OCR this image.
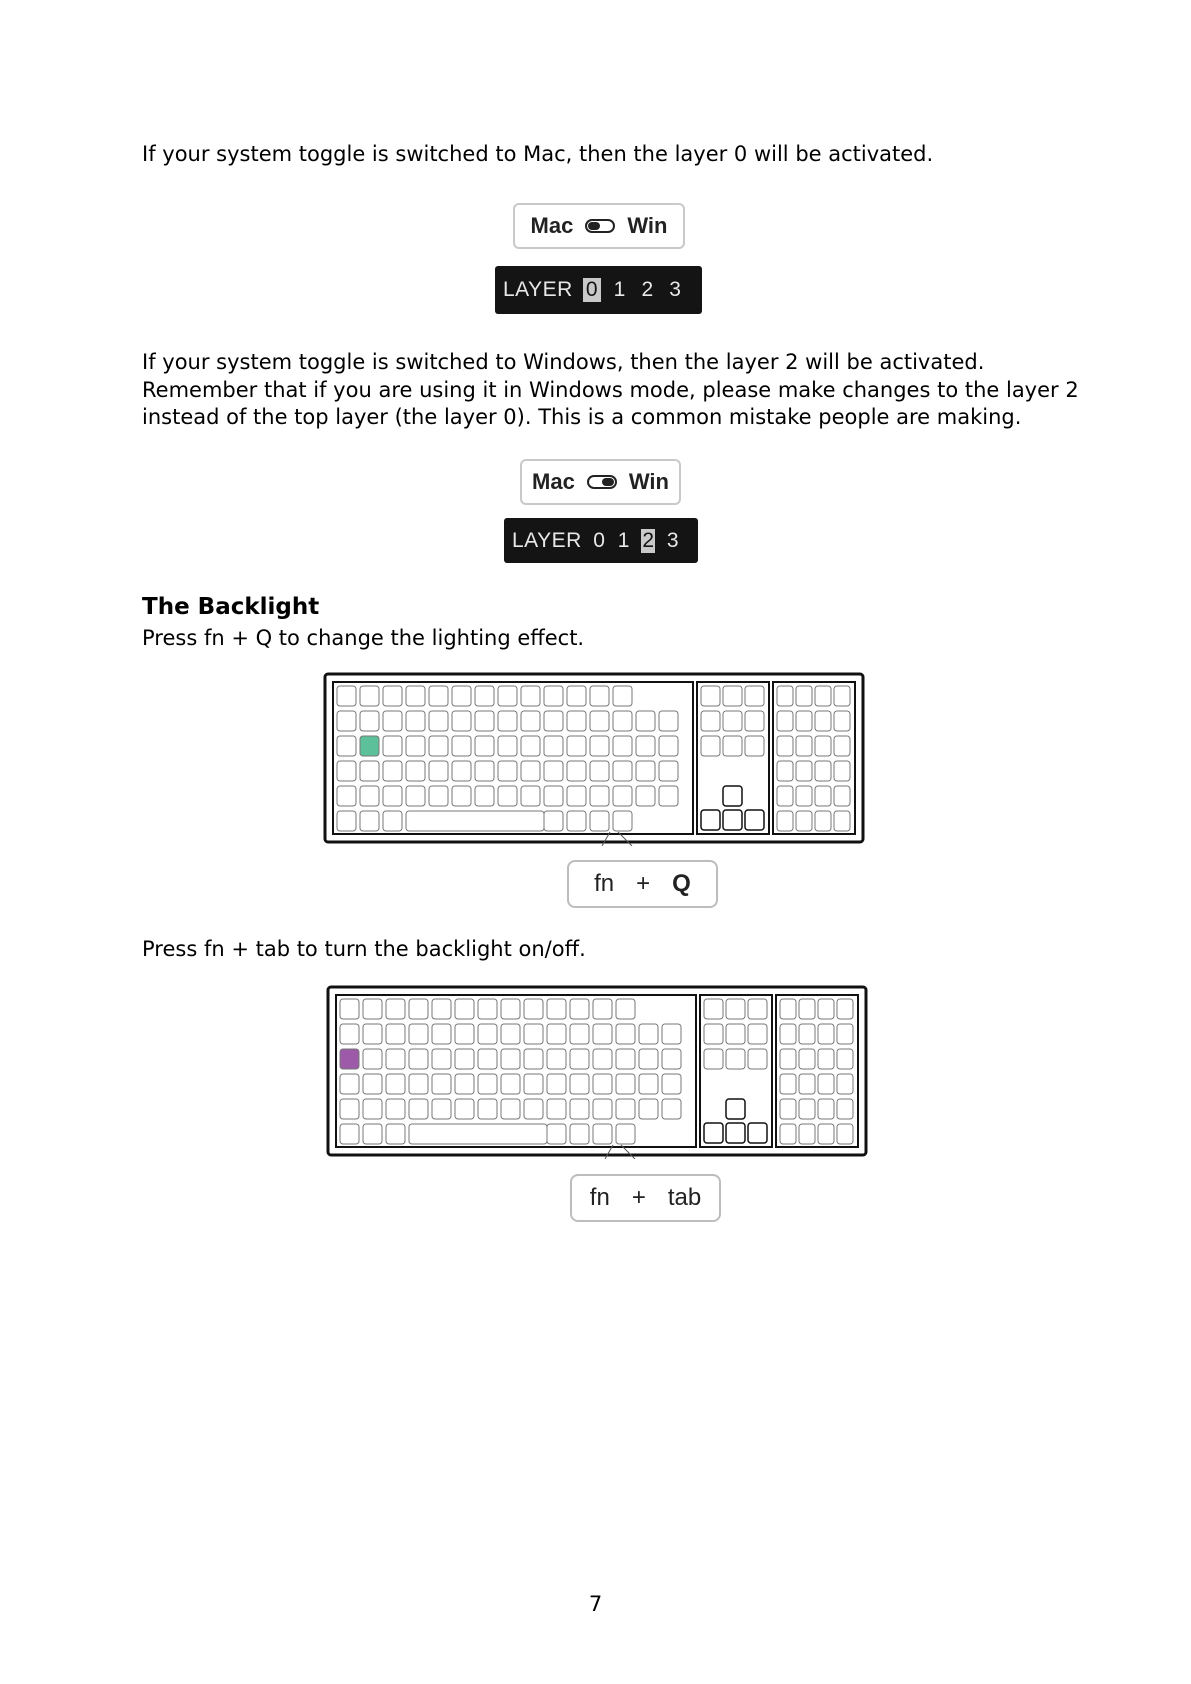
If your system toggle is switched to Mac, then the layer 0 will be activated.

Mac Win
LAYER 0 1 2 3

If your system toggle is switched to Windows, then the layer 2 will be activated.

Remember that if you are using it in Windows mode, please make changes to the layer 2

instead of the top layer (the layer 0). This is a common mistake people are making.

Mac Win
LAYER 0 1 2 3
The Backlight

Press fn + Q to change the lighting effect.

fn + Q

Press fn + tab to turn the backlight on/off.

fn + tab

7
